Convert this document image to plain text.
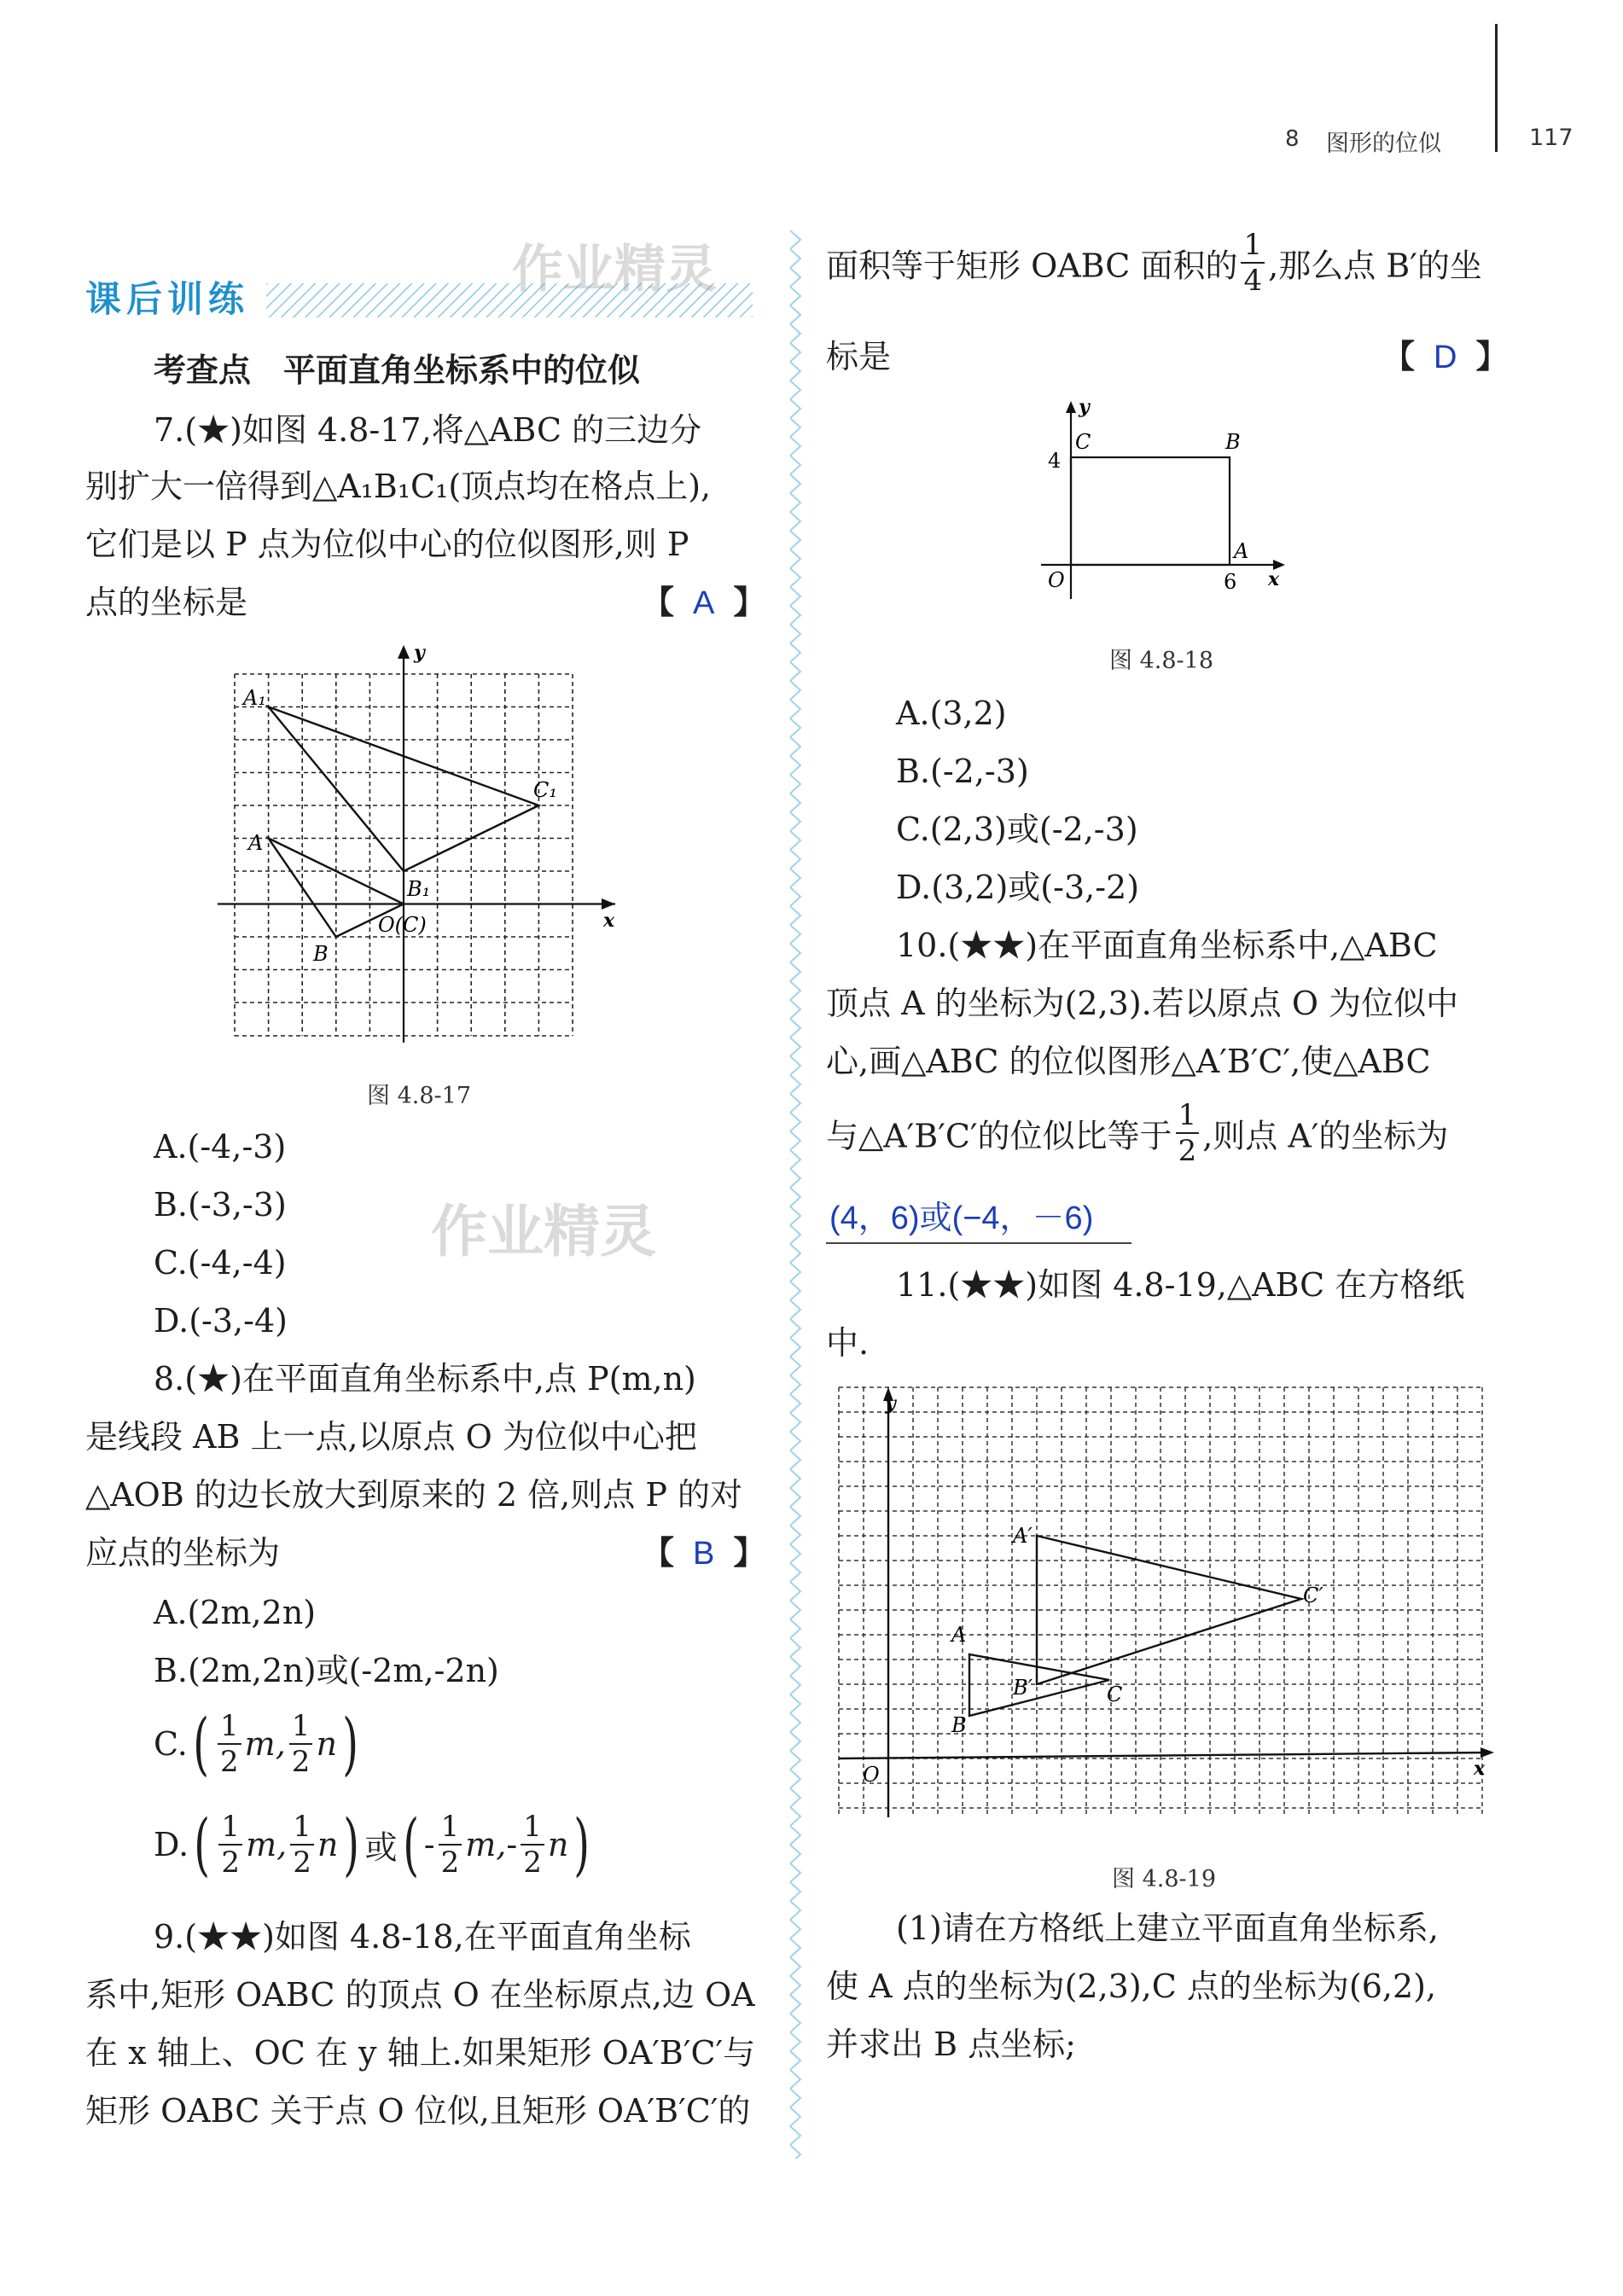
8 图形的位似	117
课后训练	作业精灵
作业精灵
考查点　平面直角坐标系中的位似
7.(★)如图 4.8-17,将△ABC 的三边分
别扩大一倍得到△A₁B₁C₁(顶点均在格点上),
它们是以 P 点为位似中心的位似图形,则 P
点的坐标是	【 A 】
y
x
A₁
C₁
A
B₁
O(C)
B
图 4.8-17
A.(-4,-3)
B.(-3,-3)
C.(-4,-4)
D.(-3,-4)
8.(★)在平面直角坐标系中,点 P(m,n)
是线段 AB 上一点,以原点 O 为位似中心把
△AOB 的边长放大到原来的 2 倍,则点 P 的对
应点的坐标为	【 B 】
A.(2m,2n)
B.(2m,2n)或(-2m,-2n)
$C.( \frac{1}{2} m$, $\frac{1}{2} n$)
$D.( \frac{1}{2} m$, $\frac{1}{2} n$) 或( - $\frac{1}{2} m,- \frac{1}{2} n$)
9.(★★)如图 4.8-18,在平面直角坐标
系中,矩形 OABC 的顶点 O 在坐标原点,边 OA
在 x 轴上、OC 在 y 轴上.如果矩形 OA′B′C′与
矩形 OABC 关于点 O 位似,且矩形 OA′B′C′的
面积等于矩形 OABC 面积的 $\frac{1}{4}$ ,那么点 B′的坐
标是	【 D 】
y
4
C	B
O	6
A
x
图 4.8-18
A.(3,2)
B.(-2,-3)
C.(2,3)或(-2,-3)
D.(3,2)或(-3,-2)
10.(★★)在平面直角坐标系中,△ABC
顶点 A 的坐标为(2,3).若以原点 O 为位似中
心,画△ABC 的位似图形△A′B′C′,使△ABC
与△A′B′C′的位似比等于 $\frac{1}{2}$ ,则点 A′的坐标为
(4，6)或(−4，－6)
11.(★★)如图 4.8-19,△ABC 在方格纸
中.
y
A′
C′
A
B′	C
B
O	x
图 4.8-19
(1)请在方格纸上建立平面直角坐标系,
使 A 点的坐标为(2,3),C 点的坐标为(6,2),
并求出 B 点坐标;
